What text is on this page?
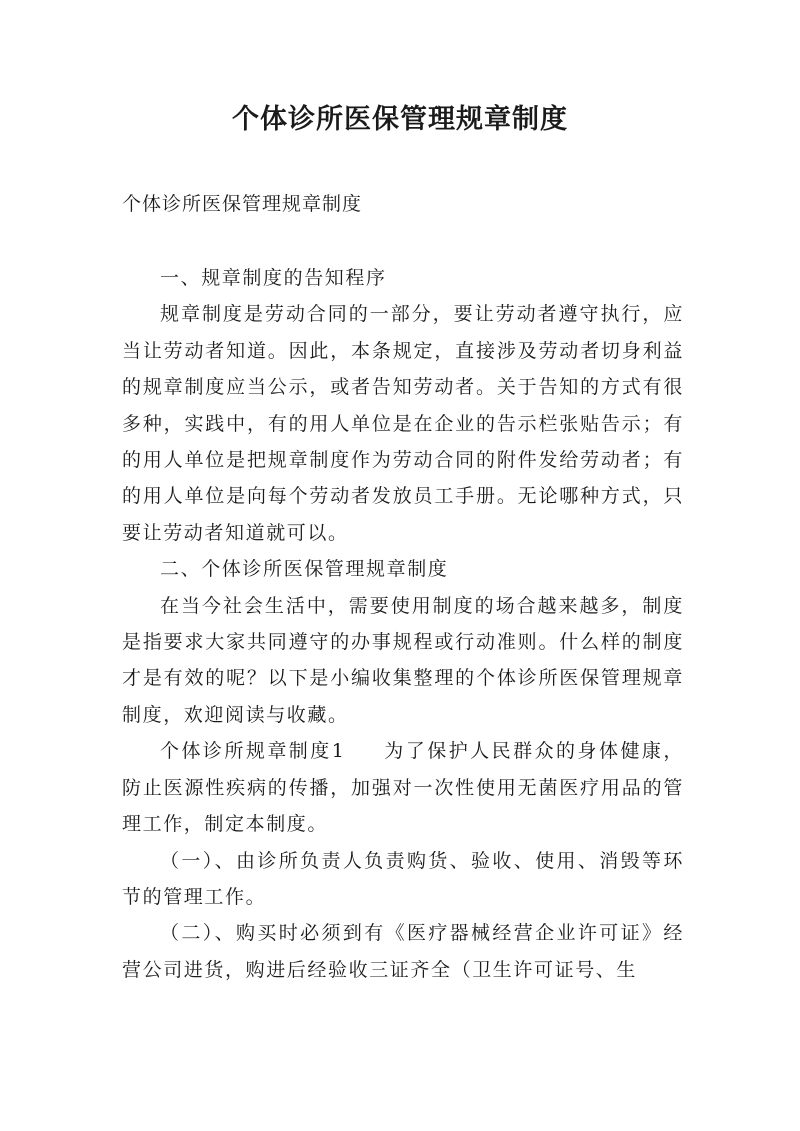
个体诊所医保管理规章制度
个体诊所医保管理规章制度

一、规章制度的告知程序

规章制度是劳动合同的一部分，要让劳动者遵守执行，应当让劳动者知道。因此，本条规定，直接涉及劳动者切身利益的规章制度应当公示，或者告知劳动者。关于告知的方式有很多种，实践中，有的用人单位是在企业的告示栏张贴告示；有的用人单位是把规章制度作为劳动合同的附件发给劳动者；有的用人单位是向每个劳动者发放员工手册。无论哪种方式，只要让劳动者知道就可以。

二、个体诊所医保管理规章制度

在当今社会生活中，需要使用制度的场合越来越多，制度是指要求大家共同遵守的办事规程或行动准则。什么样的制度才是有效的呢？以下是小编收集整理的个体诊所医保管理规章制度，欢迎阅读与收藏。

个体诊所规章制度1 为了保护人民群众的身体健康，防止医源性疾病的传播，加强对一次性使用无菌医疗用品的管理工作，制定本制度。

（一）、由诊所负责人负责购货、验收、使用、消毁等环节的管理工作。

（二）、购买时必须到有《医疗器械经营企业许可证》经营公司进货，购进后经验收三证齐全（卫生许可证号、生
